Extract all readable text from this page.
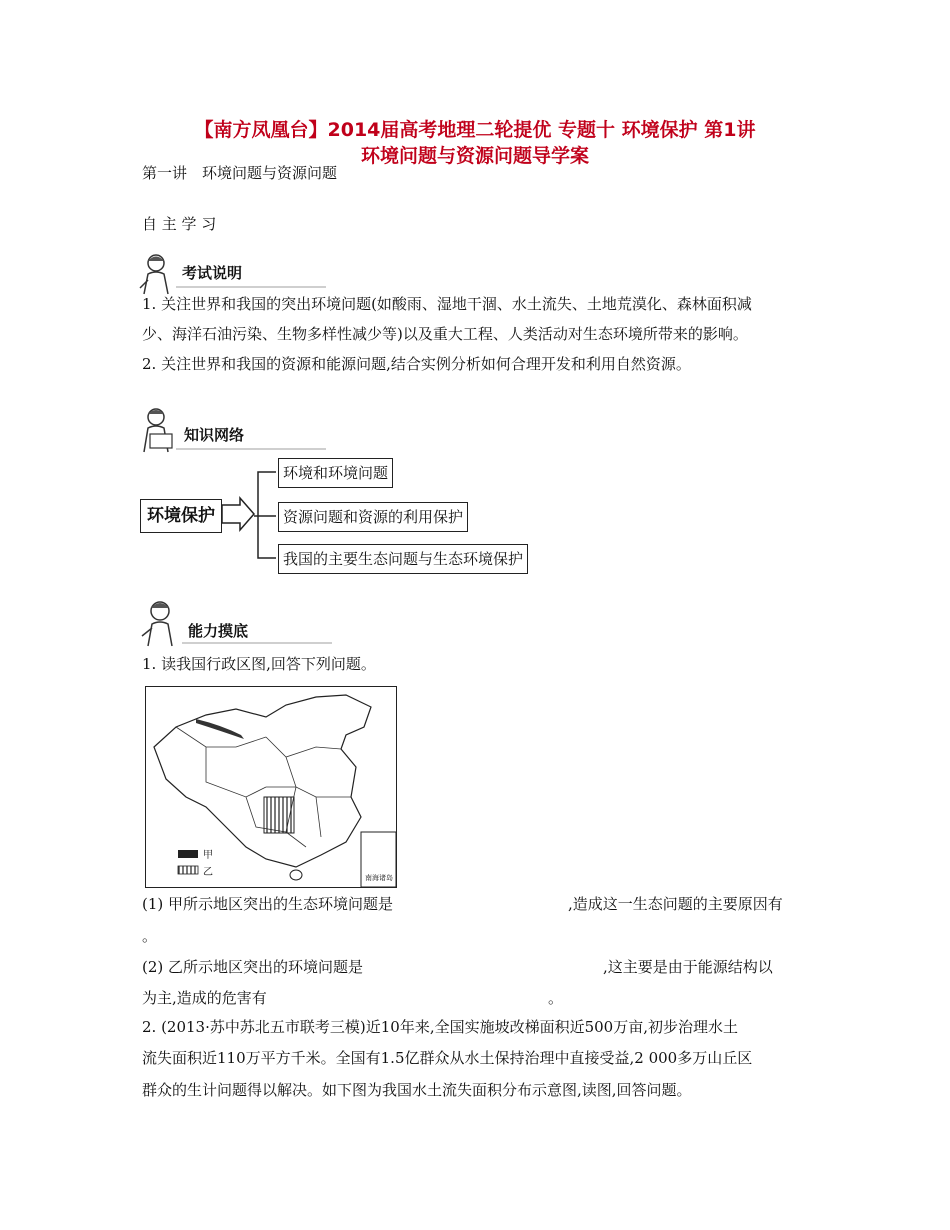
【南方凤凰台】2014届高考地理二轮提优 专题十 环境保护 第1讲
环境问题与资源问题导学案
第一讲　环境问题与资源问题
自 主 学 习
考试说明
1. 关注世界和我国的突出环境问题(如酸雨、湿地干涸、水土流失、土地荒漠化、森林面积减
少、海洋石油污染、生物多样性减少等)以及重大工程、人类活动对生态环境所带来的影响。
2. 关注世界和我国的资源和能源问题,结合实例分析如何合理开发和利用自然资源。
知识网络
环境保护
环境和环境问题
资源问题和资源的利用保护
我国的主要生态问题与生态环境保护
能力摸底
1. 读我国行政区图,回答下列问题。
甲
乙	南海诸岛
(1) 甲所示地区突出的生态环境问题是	,造成这一生态问题的主要原因有
。
(2) 乙所示地区突出的环境问题是	,这主要是由于能源结构以
为主,造成的危害有	。
2. (2013·苏中苏北五市联考三模)近10年来,全国实施坡改梯面积近500万亩,初步治理水土
流失面积近110万平方千米。全国有1.5亿群众从水土保持治理中直接受益,2 000多万山丘区
群众的生计问题得以解决。如下图为我国水土流失面积分布示意图,读图,回答问题。
